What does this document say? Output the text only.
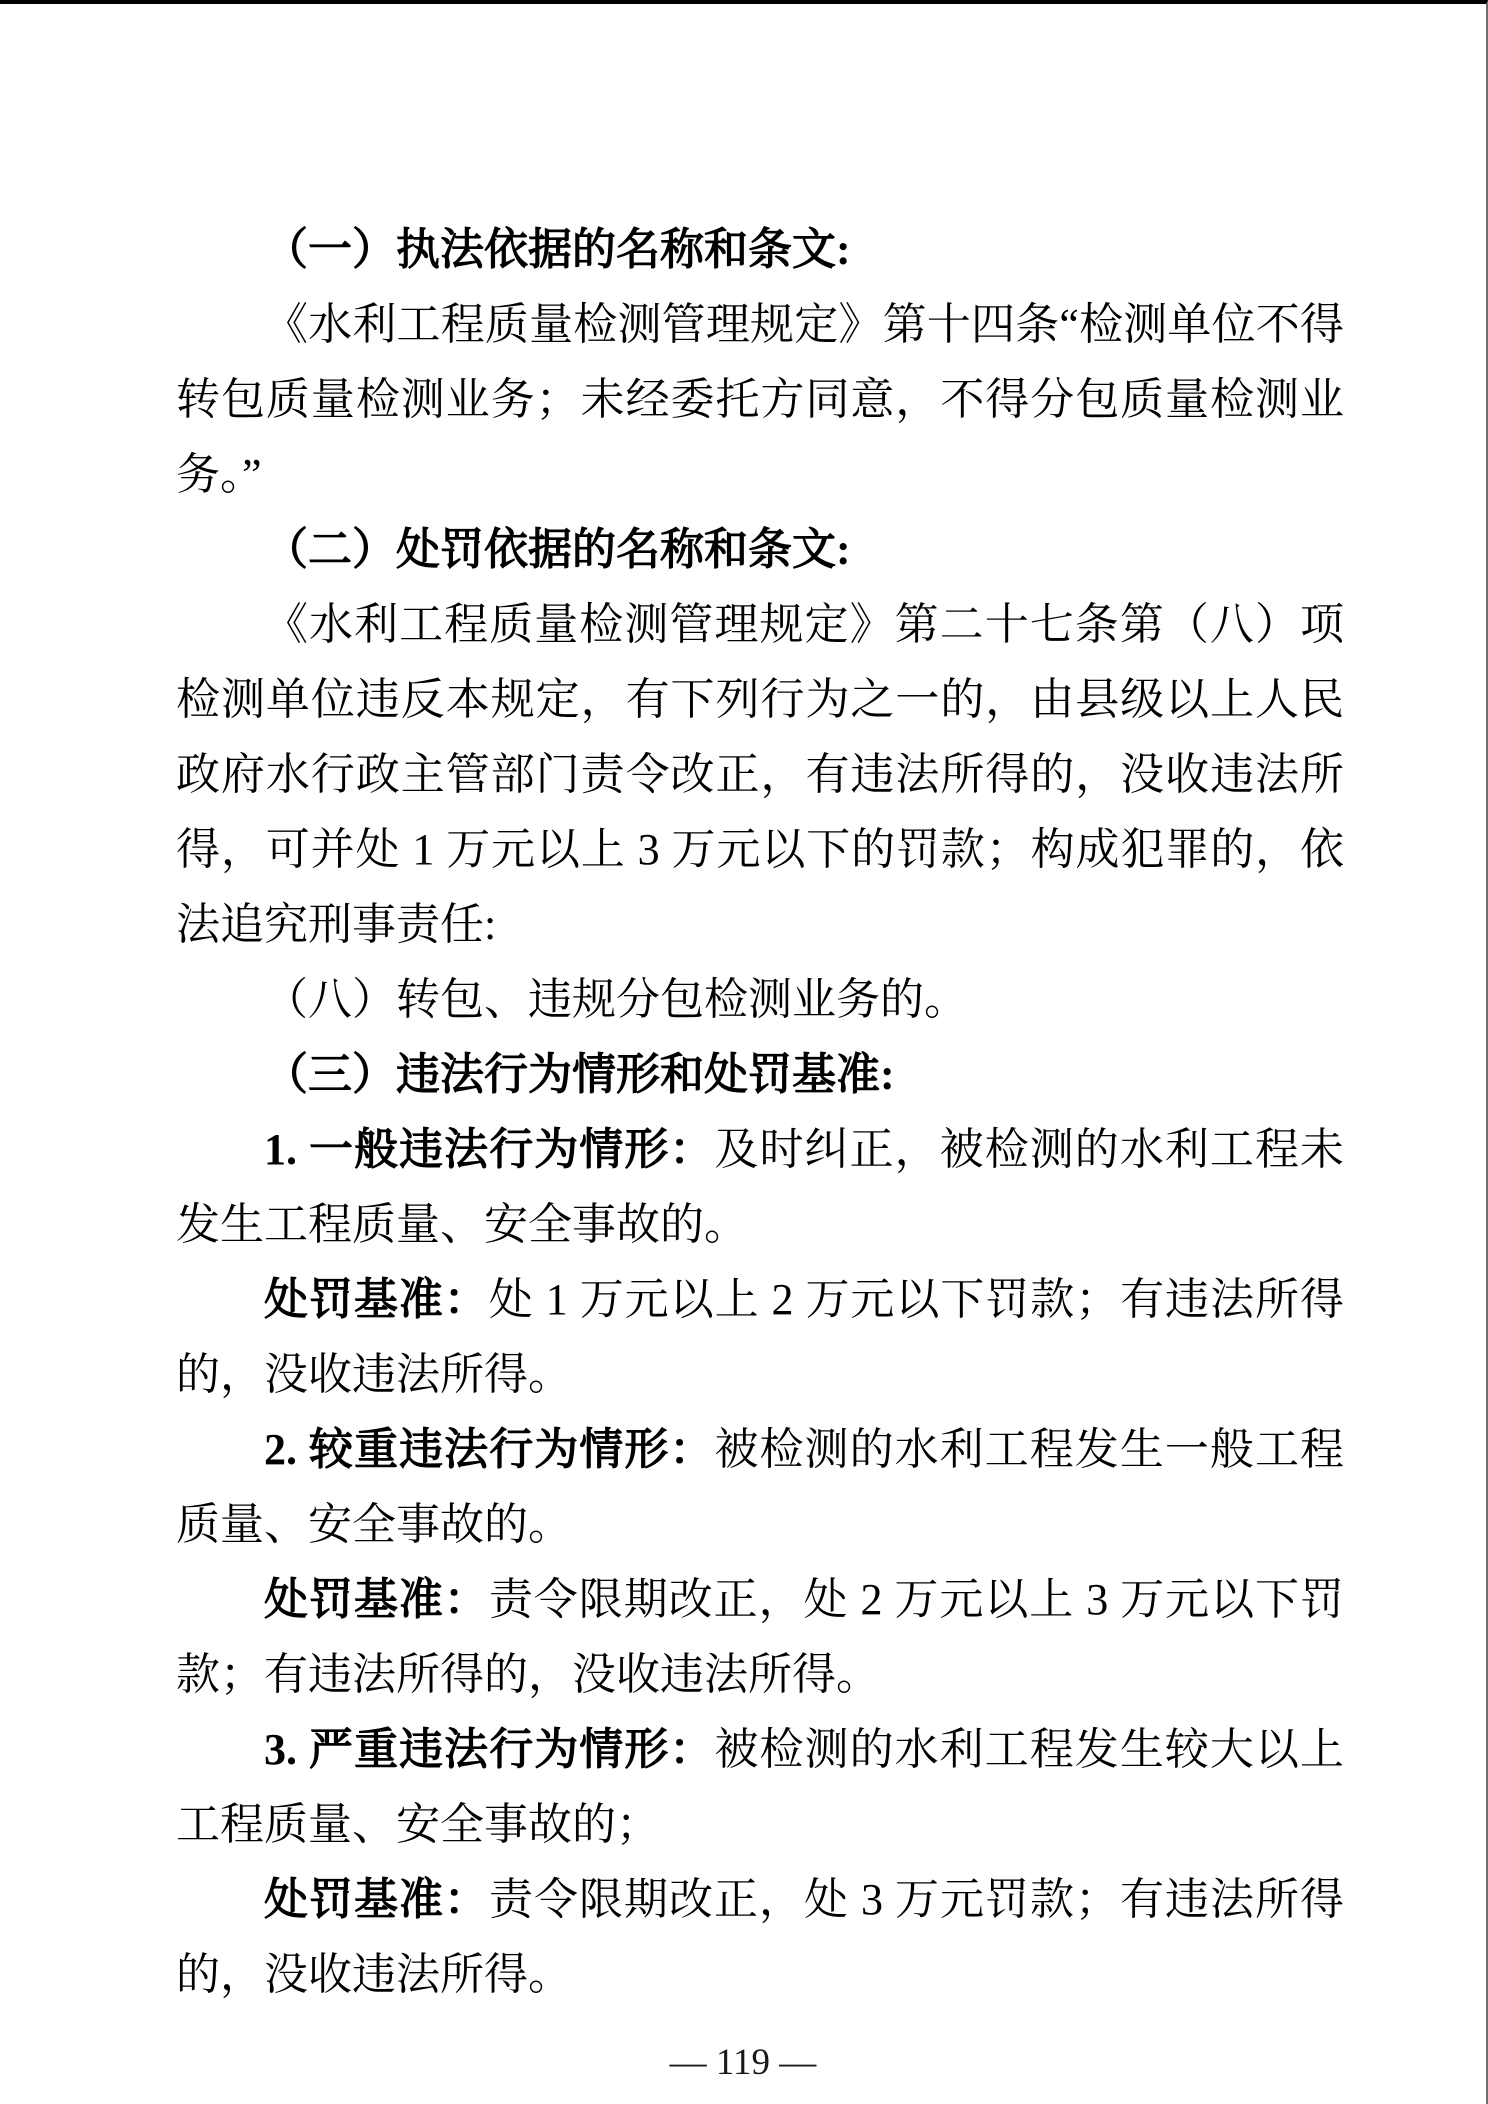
（一）执法依据的名称和条文:

《水利工程质量检测管理规定》第十四条“检测单位不得转包质量检测业务；未经委托方同意，不得分包质量检测业务。”

（二）处罚依据的名称和条文:

《水利工程质量检测管理规定》第二十七条第（八）项 检测单位违反本规定，有下列行为之一的，由县级以上人民政府水行政主管部门责令改正，有违法所得的，没收违法所得，可并处 1 万元以上 3 万元以下的罚款；构成犯罪的，依法追究刑事责任:

（八）转包、违规分包检测业务的。

（三）违法行为情形和处罚基准:

1. 一般违法行为情形：及时纠正，被检测的水利工程未发生工程质量、安全事故的。

处罚基准：处 1 万元以上 2 万元以下罚款；有违法所得的，没收违法所得。

2. 较重违法行为情形：被检测的水利工程发生一般工程质量、安全事故的。

处罚基准：责令限期改正，处 2 万元以上 3 万元以下罚款；有违法所得的，没收违法所得。

3. 严重违法行为情形：被检测的水利工程发生较大以上工程质量、安全事故的；

处罚基准：责令限期改正，处 3 万元罚款；有违法所得的，没收违法所得。

— 119 —
